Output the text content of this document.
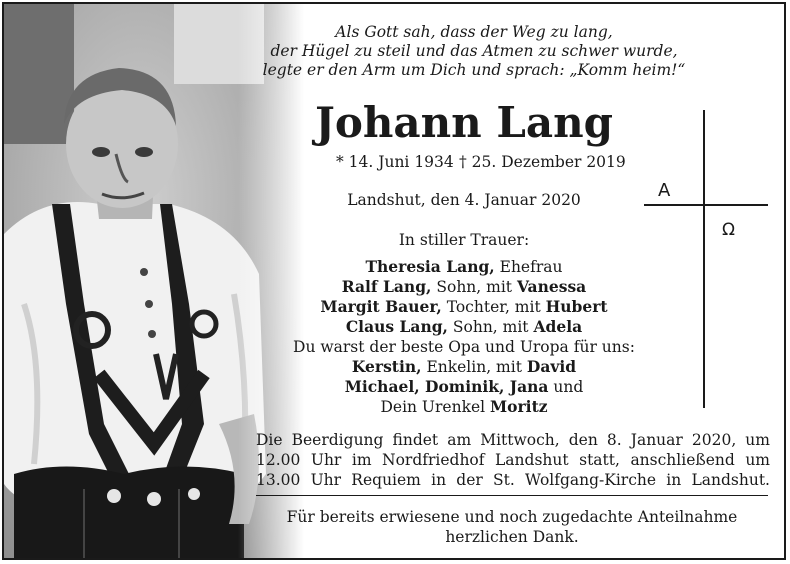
Als Gott sah, dass der Weg zu lang,
der Hügel zu steil und das Atmen zu schwer wurde,
legte er den Arm um Dich und sprach: „Komm heim!“
Johann Lang
* 14. Juni 1934 † 25. Dezember 2019
Landshut, den 4. Januar 2020
In stiller Trauer:
Theresia Lang, Ehefrau
Ralf Lang, Sohn, mit Vanessa
Margit Bauer, Tochter, mit Hubert
Claus Lang, Sohn, mit Adela
Du warst der beste Opa und Uropa für uns:
Kerstin, Enkelin, mit David
Michael, Dominik, Jana und
Dein Urenkel Moritz
A
Ω
Die Beerdigung findet am Mittwoch, den 8. Januar 2020, um 12.00 Uhr im Nordfriedhof Landshut statt, anschließend um 13.00 Uhr Requiem in der St. Wolfgang-Kirche in Landshut.
Für bereits erwiesene und noch zugedachte Anteilnahme
herzlichen Dank.
